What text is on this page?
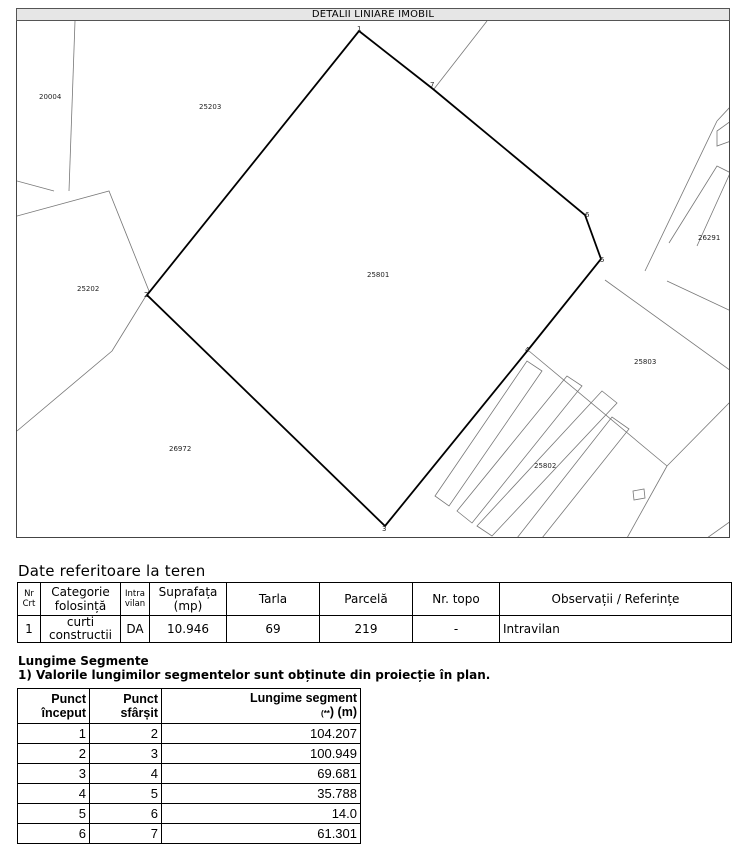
DETALII LINIARE IMOBIL
20004
25203
25202
25801
26972
26291
25803
25802
1
7
6
5
4
3
2
Date referitoare la teren
Nr Crt	Categorie folosință	Intra vilan	Suprafața (mp)	Tarla	Parcelă	Nr. topo	Observații / Referințe
1	curti constructii	DA	10.946	69	219	-	Intravilan
Lungime Segmente
1) Valorile lungimilor segmentelor sunt obținute din proiecție în plan.
Punct început	Punct sfârșit	Lungime segment
(**) (m)

1	2	104.207
2	3	100.949
3	4	69.681
4	5	35.788
5	6	14.0
6	7	61.301
